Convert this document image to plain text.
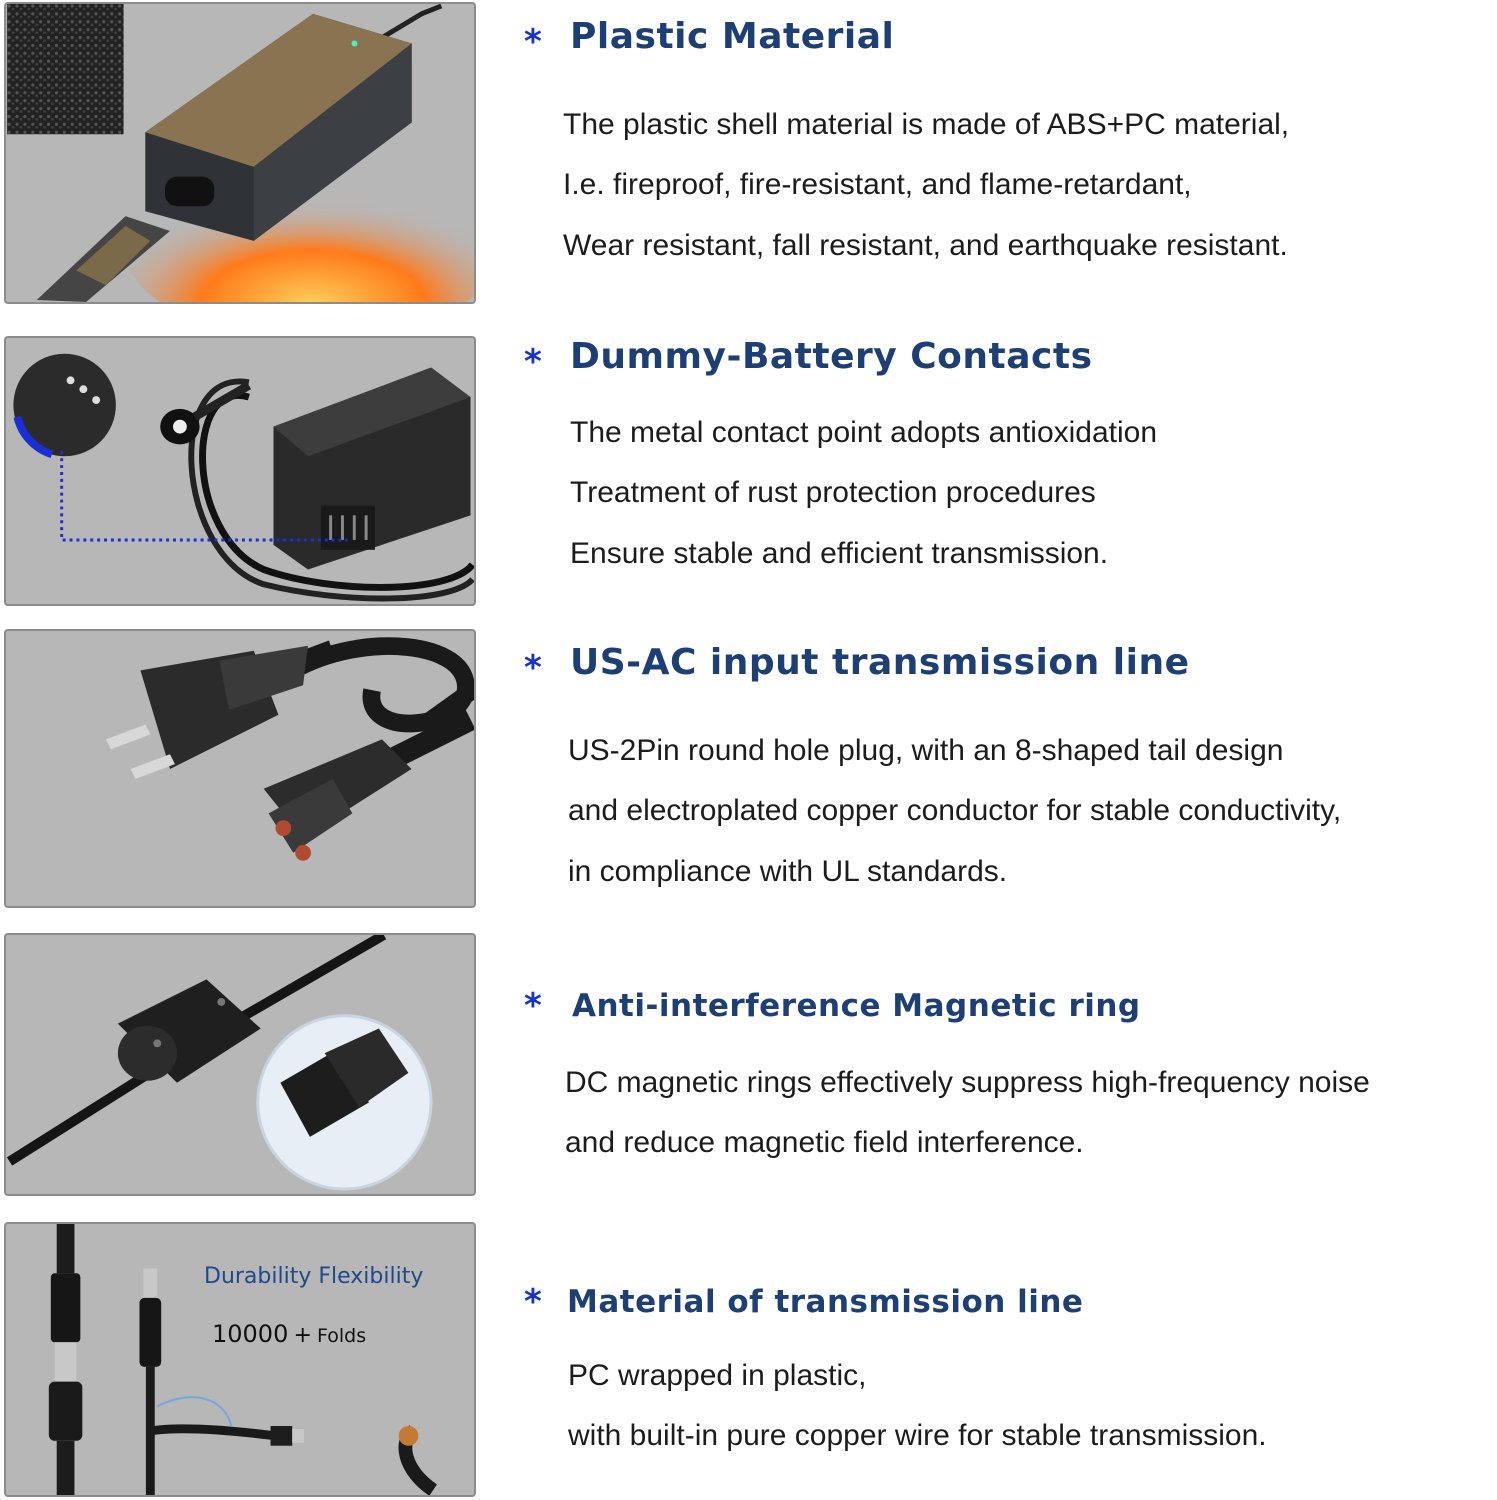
* Plastic Material
The plastic shell material is made of ABS+PC material,
I.e. fireproof, fire-resistant, and flame-retardant,
Wear resistant, fall resistant, and earthquake resistant.
* Dummy-Battery Contacts
The metal contact point adopts antioxidation
Treatment of rust protection procedures
Ensure stable and efficient transmission.
* US-AC input transmission line
US-2Pin round hole plug, with an 8-shaped tail design
and electroplated copper conductor for stable conductivity,
in compliance with UL standards.
* Anti-interference Magnetic ring
DC magnetic rings effectively suppress high-frequency noise
and reduce magnetic field interference.
Durability Flexibility
10000 + Folds
* Material of transmission line
PC wrapped in plastic,
with built-in pure copper wire for stable transmission.
